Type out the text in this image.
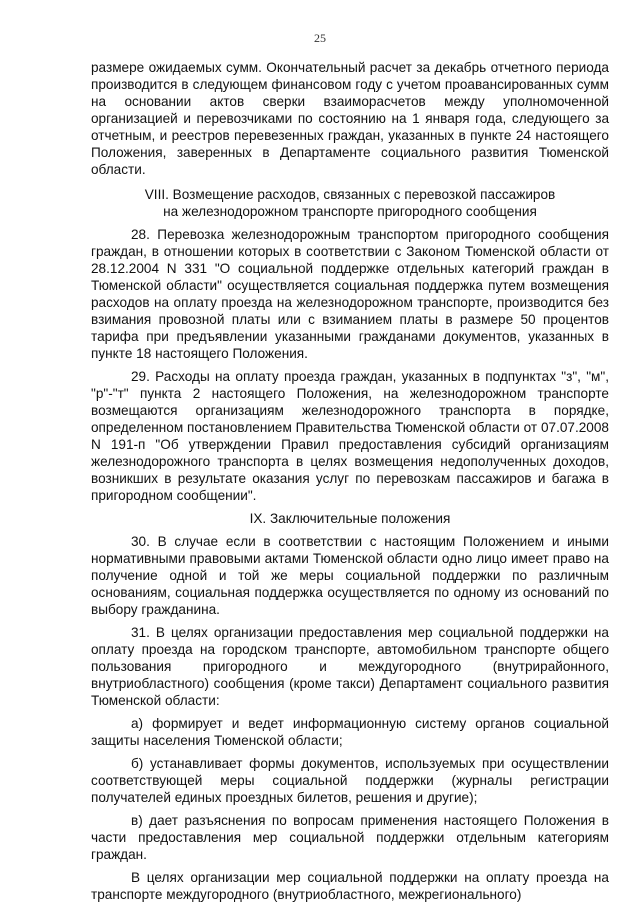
25

размере ожидаемых сумм. Окончательный расчет за декабрь отчетного периода производится в следующем финансовом году с учетом проавансированных сумм на основании актов сверки взаиморасчетов между уполномоченной организацией и перевозчиками по состоянию на 1 января года, следующего за отчетным, и реестров перевезенных граждан, указанных в пункте 24 настоящего Положения, заверенных в Департаменте социального развития Тюменской области.

VIII. Возмещение расходов, связанных с перевозкой пассажиров
на железнодорожном транспорте пригородного сообщения

28. Перевозка железнодорожным транспортом пригородного сообщения граждан, в отношении которых в соответствии с Законом Тюменской области от 28.12.2004 N 331 "О социальной поддержке отдельных категорий граждан в Тюменской области" осуществляется социальная поддержка путем возмещения расходов на оплату проезда на железнодорожном транспорте, производится без взимания провозной платы или с взиманием платы в размере 50 процентов тарифа при предъявлении указанными гражданами документов, указанных в пункте 18 настоящего Положения.

29. Расходы на оплату проезда граждан, указанных в подпунктах "з", "м", "р"-"т" пункта 2 настоящего Положения, на железнодорожном транспорте возмещаются организациям железнодорожного транспорта в порядке, определенном постановлением Правительства Тюменской области от 07.07.2008 N 191-п "Об утверждении Правил предоставления субсидий организациям железнодорожного транспорта в целях возмещения недополученных доходов, возникших в результате оказания услуг по перевозкам пассажиров и багажа в пригородном сообщении".

IX. Заключительные положения

30. В случае если в соответствии с настоящим Положением и иными нормативными правовыми актами Тюменской области одно лицо имеет право на получение одной и той же меры социальной поддержки по различным основаниям, социальная поддержка осуществляется по одному из оснований по выбору гражданина.

31. В целях организации предоставления мер социальной поддержки на оплату проезда на городском транспорте, автомобильном транспорте общего пользования пригородного и междугородного (внутрирайонного, внутриобластного) сообщения (кроме такси) Департамент социального развития Тюменской области:

а) формирует и ведет информационную систему органов социальной защиты населения Тюменской области;

б) устанавливает формы документов, используемых при осуществлении соответствующей меры социальной поддержки (журналы регистрации получателей единых проездных билетов, решения и другие);

в) дает разъяснения по вопросам применения настоящего Положения в части предоставления мер социальной поддержки отдельным категориям граждан.

В целях организации мер социальной поддержки на оплату проезда на транспорте междугородного (внутриобластного, межрегионального)
